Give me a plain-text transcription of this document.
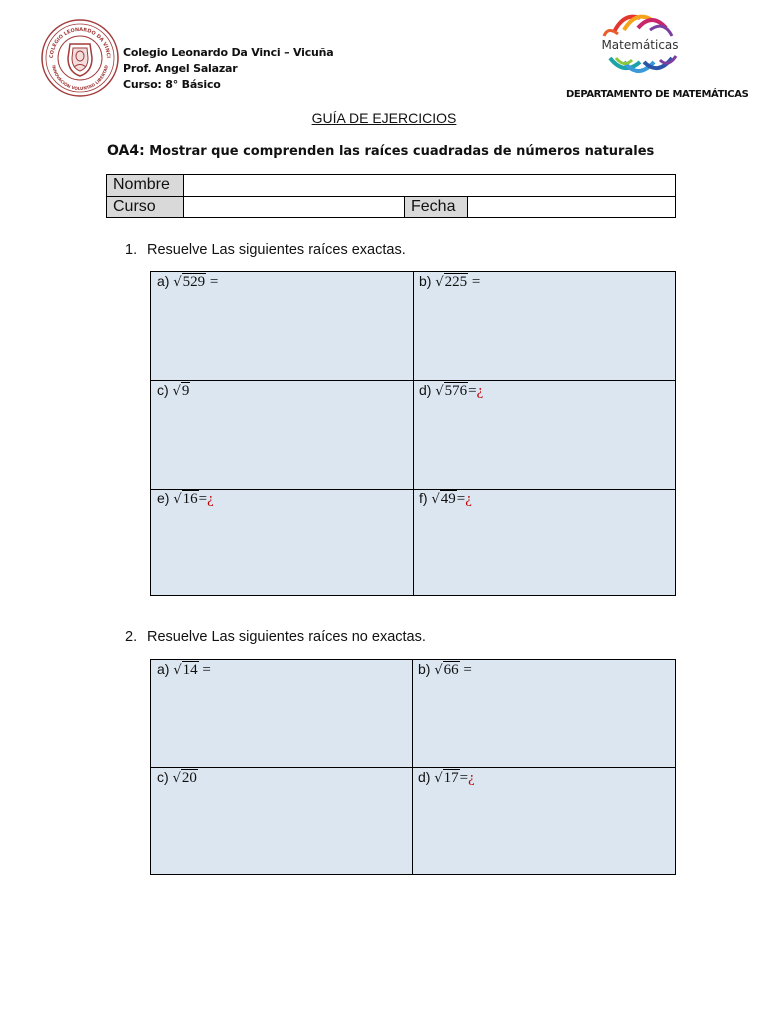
COLEGIO LEONARDO DA VINCI
INNOVACIÓN VOLUNTAD LIBERTAD
Colegio Leonardo Da Vinci – Vicuña
Prof. Angel Salazar
Curso: 8° Básico
Matemáticas
DEPARTAMENTO DE MATEMÁTICAS
GUÍA DE EJERCICIOS
OA4: Mostrar que comprenden las raíces cuadradas de números naturales
Nombre
Curso	Fecha
1. Resuelve Las siguientes raíces exactas.
2. Resuelve Las siguientes raíces no exactas.
a) √529 =	b) √225 =
c) √9	d) √576=¿
e) √16=¿	f) √49=¿
a) √14 =	b) √66 =
c) √20	d) √17=¿
